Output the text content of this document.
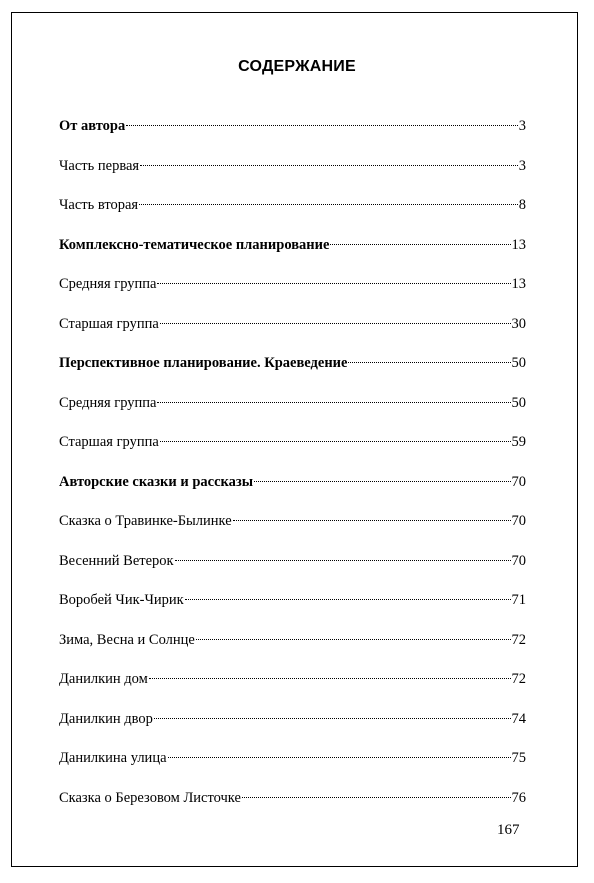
СОДЕРЖАНИЕ
От автора	3
Часть первая	3
Часть вторая	8
Комплексно-тематическое планирование	13
Средняя группа	13
Старшая группа	30
Перспективное планирование. Краеведение	50
Средняя группа	50
Старшая группа	59
Авторские сказки и рассказы	70
Сказка о Травинке-Былинке	70
Весенний Ветерок	70
Воробей Чик-Чирик	71
Зима, Весна и Солнце	72
Данилкин дом	72
Данилкин двор	74
Данилкина улица	75
Сказка о Березовом Листочке	76
167
